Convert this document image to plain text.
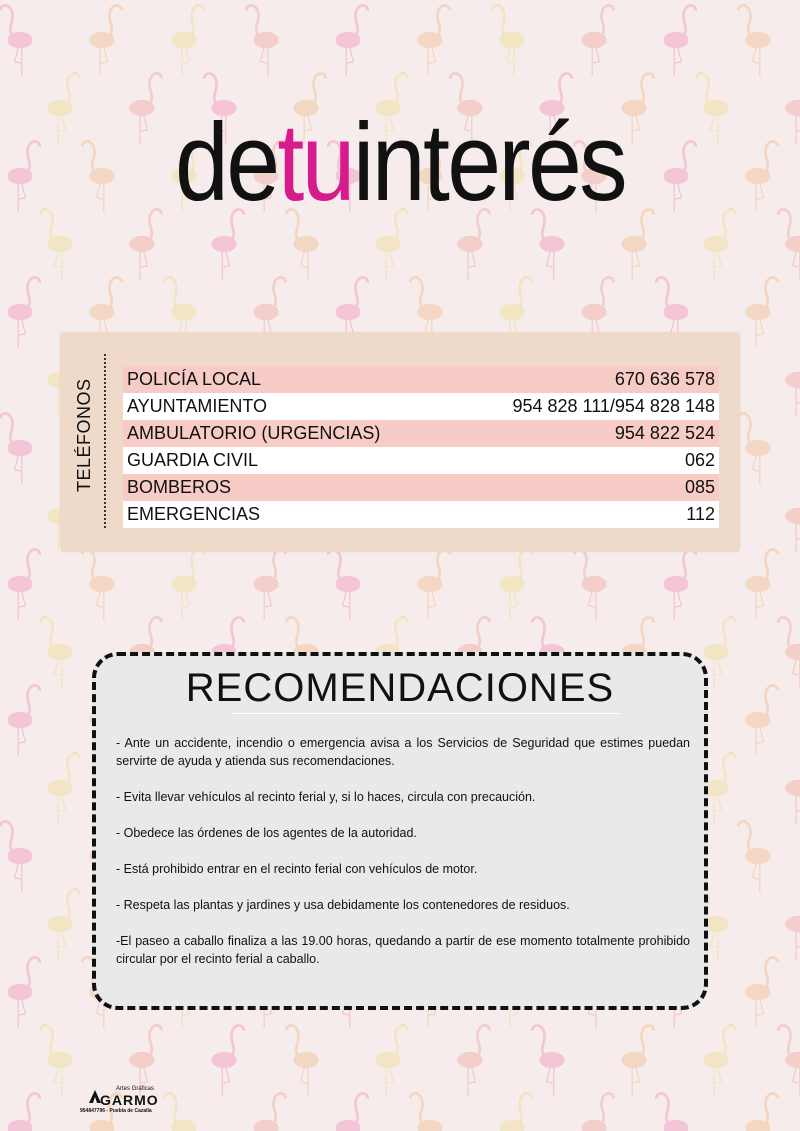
detuinterés
TELÉFONOS POLICÍA LOCAL	670 636 578
AYUNTAMIENTO	954 828 111/954 828 148
AMBULATORIO (URGENCIAS)	954 822 524
GUARDIA CIVIL	062
BOMBEROS	085
EMERGENCIAS	112
RECOMENDACIONES

- Ante un accidente, incendio o emergencia avisa a los Servicios de Seguridad que estimes puedan servirte de ayuda y atienda sus recomendaciones.

- Evita llevar vehículos al recinto ferial y, si lo haces, circula con precaución.

- Obedece las órdenes de los agentes de la autoridad.

- Está prohibido entrar en el recinto ferial con vehículos de motor.

- Respeta las plantas y jardines y usa debidamente los contenedores de residuos.

-El paseo a caballo finaliza a las 19.00 horas, quedando a partir de ese momento totalmente prohibido circular por el recinto ferial a caballo.

Artes Gráficas
GARMO
954847796 - Puebla de Cazalla
